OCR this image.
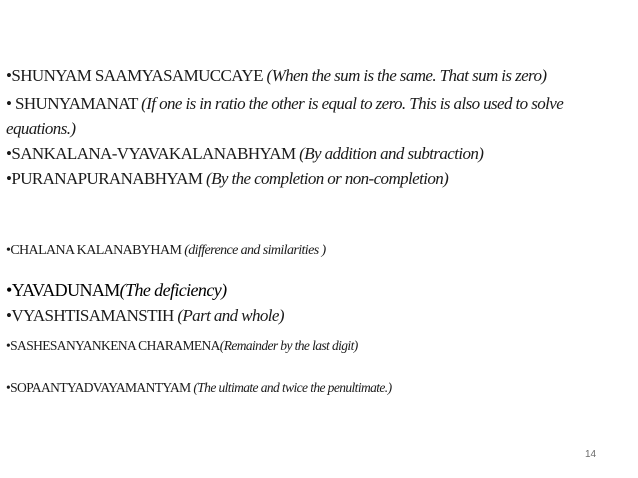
•SHUNYAM SAAMYASAMUCCAYE (When the sum is the same. That sum is zero)
• SHUNYAMANAT (If one is in ratio the other is equal to zero. This is also used to solve
equations.)
•SANKALANA-VYAVAKALANABHYAM (By addition and subtraction)
•PURANAPURANABHYAM (By the completion or non-completion)
•CHALANA KALANABYHAM (difference and similarities )
•YAVADUNAM(The deficiency)
•VYASHTISAMANSTIH (Part and whole)
•SASHESANYANKENA CHARAMENA(Remainder by the last digit)
•SOPAANTYADVAYAMANTYAM (The ultimate and twice the penultimate.)
14
